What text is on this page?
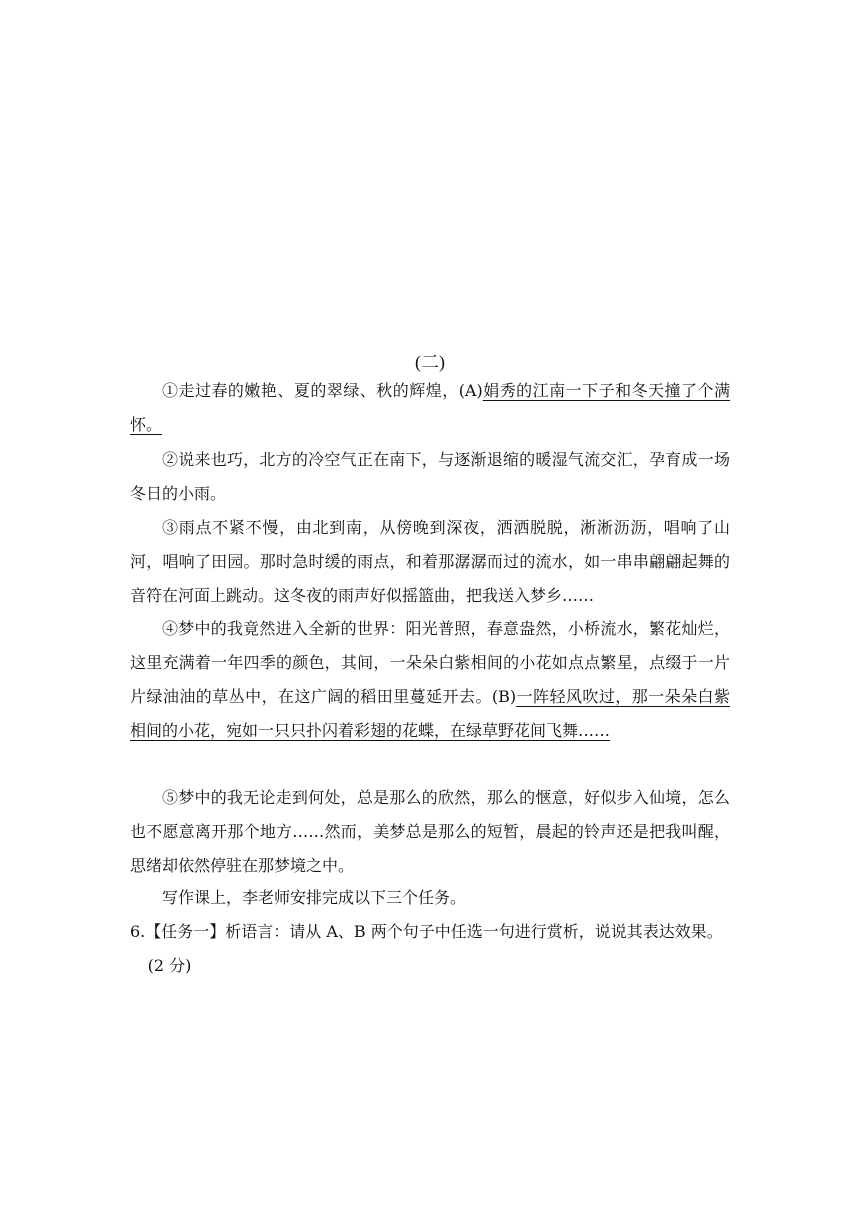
(二)
①走过春的嫩艳、夏的翠绿、秋的辉煌，(A)娟秀的江南一下子和冬天撞了个满怀。
②说来也巧，北方的冷空气正在南下，与逐渐退缩的暖湿气流交汇，孕育成一场冬日的小雨。
③雨点不紧不慢，由北到南，从傍晚到深夜，洒洒脱脱，淅淅沥沥，唱响了山河，唱响了田园。那时急时缓的雨点，和着那潺潺而过的流水，如一串串翩翩起舞的音符在河面上跳动。这冬夜的雨声好似摇篮曲，把我送入梦乡……
④梦中的我竟然进入全新的世界：阳光普照，春意盎然，小桥流水，繁花灿烂，这里充满着一年四季的颜色，其间，一朵朵白紫相间的小花如点点繁星，点缀于一片片绿油油的草丛中，在这广阔的稻田里蔓延开去。(B)一阵轻风吹过，那一朵朵白紫相间的小花，宛如一只只扑闪着彩翅的花蝶，在绿草野花间飞舞……
⑤梦中的我无论走到何处，总是那么的欣然，那么的惬意，好似步入仙境，怎么也不愿意离开那个地方……然而，美梦总是那么的短暂，晨起的铃声还是把我叫醒，思绪却依然停驻在那梦境之中。
写作课上，李老师安排完成以下三个任务。
6.【任务一】析语言：请从 A、B 两个句子中任选一句进行赏析，说说其表达效果。(2 分)
